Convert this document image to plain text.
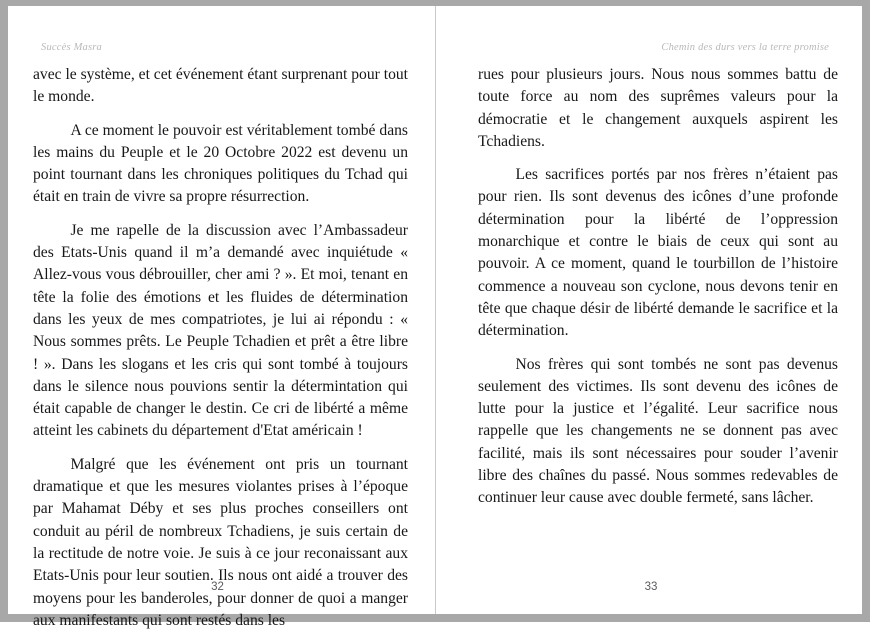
Succès Masra

avec le système, et cet événement étant surprenant pour tout le monde.

A ce moment le pouvoir est véritablement tombé dans les mains du Peuple et le 20 Octobre 2022 est devenu un point tournant dans les chroniques politiques du Tchad qui était en train de vivre sa propre résurrection.

Je me rapelle de la discussion avec l’Ambassadeur des Etats-Unis quand il m’a demandé avec inquiétude « Allez-vous vous débrouiller, cher ami ? ». Et moi, tenant en tête la folie des émotions et les fluides de détermination dans les yeux de mes compatriotes, je lui ai répondu : « Nous sommes prêts. Le Peuple Tchadien et prêt a être libre ! ». Dans les slogans et les cris qui sont tombé à toujours dans le silence nous pouvions sentir la détermintation qui était capable de changer le destin. Ce cri de libérté a même atteint les cabinets du département d'Etat américain !

Malgré que les événement ont pris un tournant dramatique et que les mesures violantes prises à l’époque par Mahamat Déby et ses plus proches conseillers ont conduit au péril de nombreux Tchadiens, je suis certain de la rectitude de notre voie. Je suis à ce jour reconaissant aux Etats-Unis pour leur soutien. Ils nous ont aidé a trouver des moyens pour les banderoles, pour donner de quoi a manger aux manifestants qui sont restés dans les

32
Chemin des durs vers la terre promise

rues pour plusieurs jours. Nous nous sommes battu de toute force au nom des suprêmes valeurs pour la démocratie et le changement auxquels aspirent les Tchadiens.

Les sacrifices portés par nos frères n’étaient pas pour rien. Ils sont devenus des icônes d’une profonde détermination pour la libérté de l’oppression monarchique et contre le biais de ceux qui sont au pouvoir. A ce moment, quand le tourbillon de l’histoire commence a nouveau son cyclone, nous devons tenir en tête que chaque désir de libérté demande le sacrifice et la détermination.

Nos frères qui sont tombés ne sont pas devenus seulement des victimes. Ils sont devenu des icônes de lutte pour la justice et l’égalité. Leur sacrifice nous rappelle que les changements ne se donnent pas avec facilité, mais ils sont nécessaires pour souder l’avenir libre des chaînes du passé. Nous sommes redevables de continuer leur cause avec double fermeté, sans lâcher.

33
